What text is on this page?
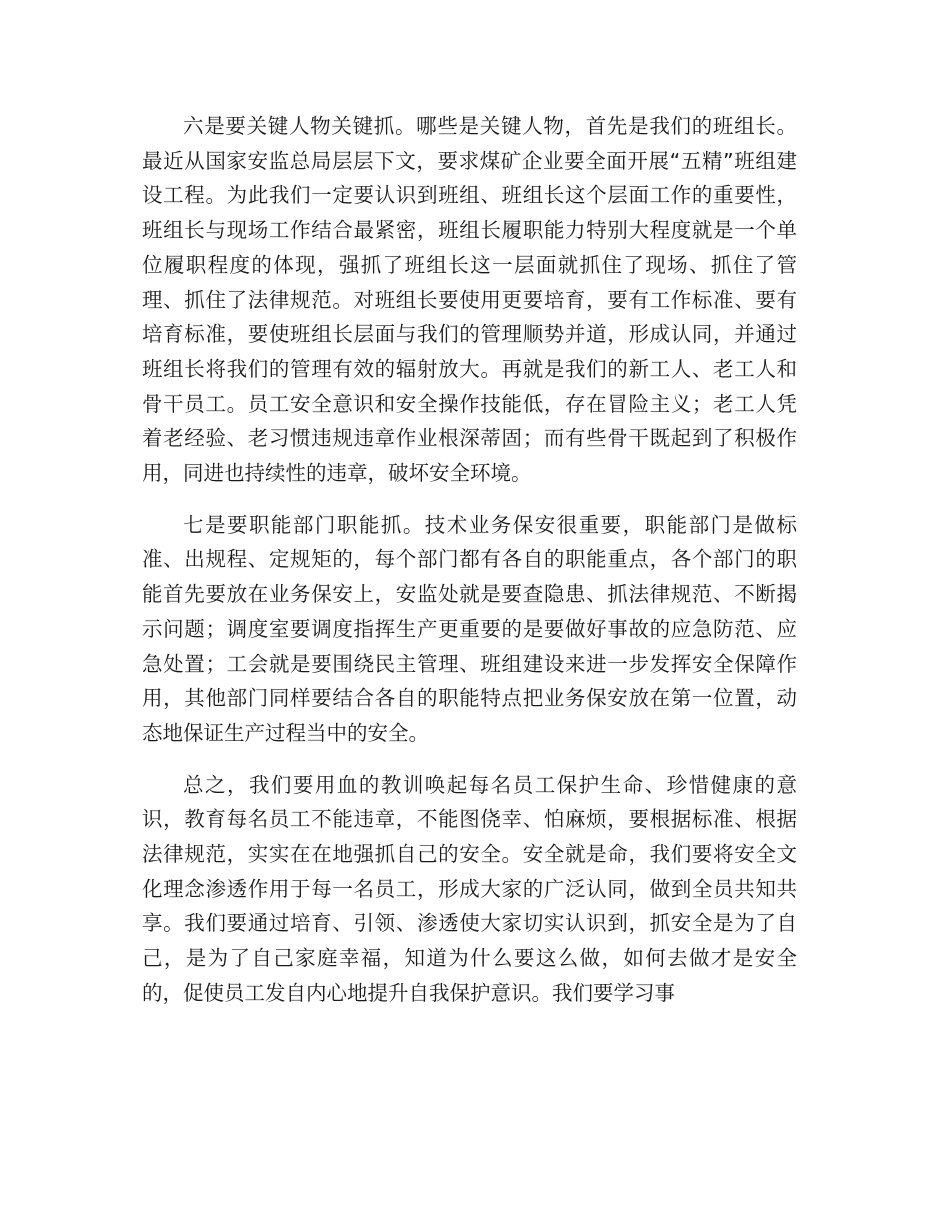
六是要关键人物关键抓。哪些是关键人物，首先是我们的班组长。最近从国家安监总局层层下文，要求煤矿企业要全面开展“五精”班组建设工程。为此我们一定要认识到班组、班组长这个层面工作的重要性，班组长与现场工作结合最紧密，班组长履职能力特别大程度就是一个单位履职程度的体现，强抓了班组长这一层面就抓住了现场、抓住了管理、抓住了法律规范。对班组长要使用更要培育，要有工作标准、要有培育标准，要使班组长层面与我们的管理顺势并道，形成认同，并通过班组长将我们的管理有效的辐射放大。再就是我们的新工人、老工人和骨干员工。员工安全意识和安全操作技能低，存在冒险主义；老工人凭着老经验、老习惯违规违章作业根深蒂固；而有些骨干既起到了积极作用，同进也持续性的违章，破坏安全环境。

七是要职能部门职能抓。技术业务保安很重要，职能部门是做标准、出规程、定规矩的，每个部门都有各自的职能重点，各个部门的职能首先要放在业务保安上，安监处就是要查隐患、抓法律规范、不断揭示问题；调度室要调度指挥生产更重要的是要做好事故的应急防范、应急处置；工会就是要围绕民主管理、班组建设来进一步发挥安全保障作用，其他部门同样要结合各自的职能特点把业务保安放在第一位置，动态地保证生产过程当中的安全。

总之，我们要用血的教训唤起每名员工保护生命、珍惜健康的意识，教育每名员工不能违章，不能图侥幸、怕麻烦，要根据标准、根据法律规范，实实在在地强抓自己的安全。安全就是命，我们要将安全文化理念渗透作用于每一名员工，形成大家的广泛认同，做到全员共知共享。我们要通过培育、引领、渗透使大家切实认识到，抓安全是为了自己，是为了自己家庭幸福，知道为什么要这么做，如何去做才是安全的，促使员工发自内心地提升自我保护意识。我们要学习事
